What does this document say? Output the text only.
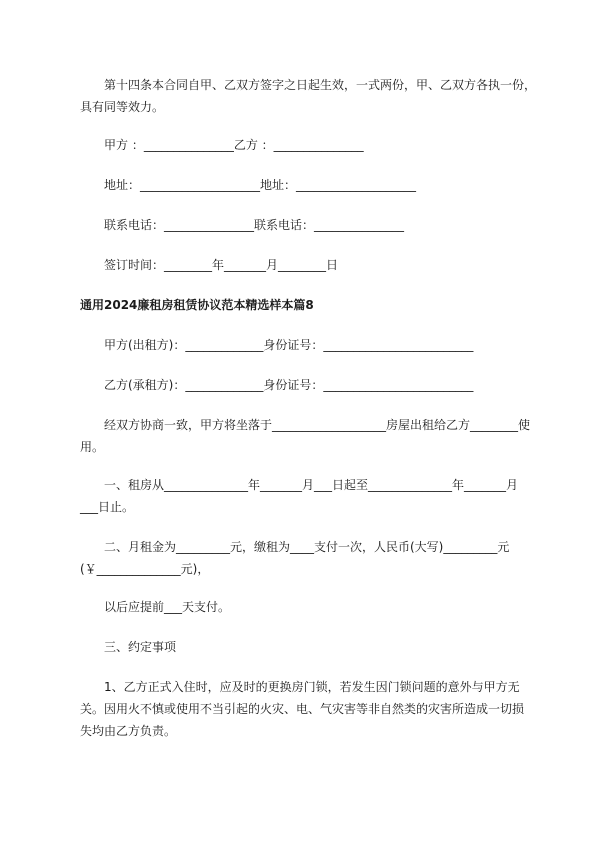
第十四条本合同自甲、乙双方签字之日起生效，一式两份，甲、乙双方各执一份，
具有同等效力。
甲方 ：_______________乙方 ：_______________
地址：____________________地址：____________________
联系电话：_______________联系电话：_______________
签订时间：________年_______月________日
通用2024廉租房租赁协议范本精选样本篇8
甲方(出租方)：_____________身份证号：_________________________
乙方(承租方)：_____________身份证号：_________________________
经双方协商一致，甲方将坐落于___________________房屋出租给乙方________使
用。
一、租房从______________年_______月___日起至______________年_______月
___日止。
二、月租金为_________元，缴租为____支付一次，人民币(大写)_________元
(￥______________元)，
以后应提前___天支付。
三、约定事项
1、乙方正式入住时，应及时的更换房门锁，若发生因门锁问题的意外与甲方无
关。因用火不慎或使用不当引起的火灾、电、气灾害等非自然类的灾害所造成一切损
失均由乙方负责。
